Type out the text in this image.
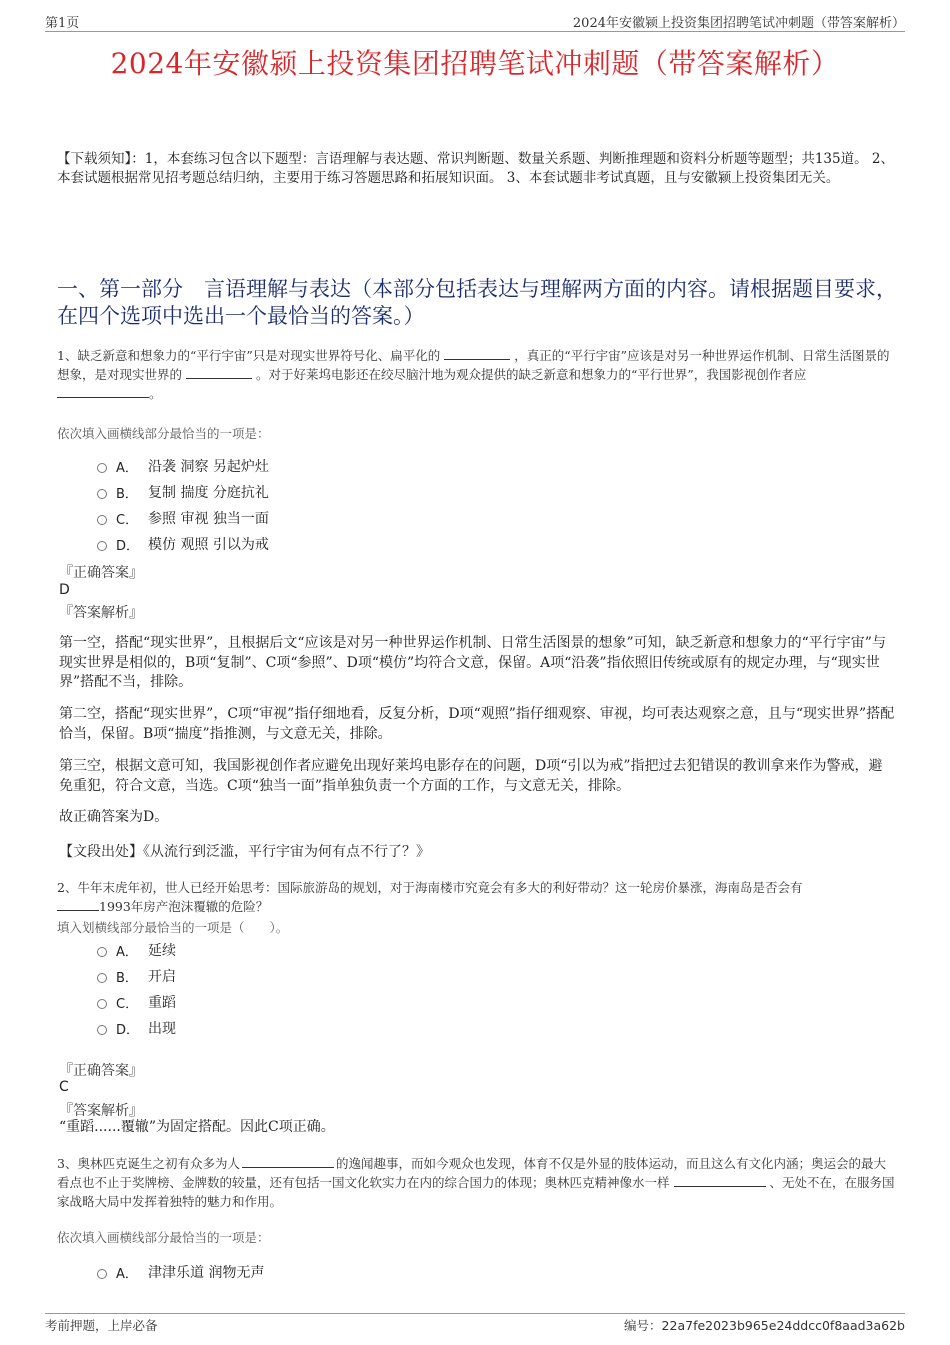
第1页	2024年安徽颍上投资集团招聘笔试冲刺题（带答案解析）
2024年安徽颍上投资集团招聘笔试冲刺题（带答案解析）
【下载须知】：1，本套练习包含以下题型：言语理解与表达题、常识判断题、数量关系题、判断推理题和资料分析题等题型；共135道。 2、本套试题根据常见招考题总结归纳，主要用于练习答题思路和拓展知识面。 3、本套试题非考试真题，且与安徽颍上投资集团无关。
一、第一部分　言语理解与表达（本部分包括表达与理解两方面的内容。请根据题目要求，在四个选项中选出一个最恰当的答案。）
1、缺乏新意和想象力的“平行宇宙”只是对现实世界符号化、扁平化的	，真正的“平行宇宙”应该是对另一种世界运作机制、日常生活图景的想象，是对现实世界的	。对于好莱坞电影还在绞尽脑汁地为观众提供的缺乏新意和想象力的“平行世界”，我国影视创作者应
。
依次填入画横线部分最恰当的一项是：
A． 沿袭 洞察 另起炉灶
B． 复制 揣度 分庭抗礼
C． 参照 审视 独当一面
D． 模仿 观照 引以为戒
『正确答案』
D
『答案解析』
第一空，搭配“现实世界”，且根据后文“应该是对另一种世界运作机制、日常生活图景的想象”可知，缺乏新意和想象力的“平行宇宙”与现实世界是相似的，B项“复制”、C项“参照”、D项“模仿”均符合文意，保留。A项“沿袭”指依照旧传统或原有的规定办理，与“现实世界”搭配不当，排除。
第二空，搭配“现实世界”，C项“审视”指仔细地看，反复分析，D项“观照”指仔细观察、审视，均可表达观察之意，且与“现实世界”搭配恰当，保留。B项“揣度”指推测，与文意无关，排除。
第三空，根据文意可知，我国影视创作者应避免出现好莱坞电影存在的问题，D项“引以为戒”指把过去犯错误的教训拿来作为警戒，避免重犯，符合文意，当选。C项“独当一面”指单独负责一个方面的工作，与文意无关，排除。
故正确答案为D。
【文段出处】《从流行到泛滥，平行宇宙为何有点不行了？》
2、牛年末虎年初，世人已经开始思考：国际旅游岛的规划，对于海南楼市究竟会有多大的利好带动？这一轮房价暴涨，海南岛是否会有
1993年房产泡沫覆辙的危险？
填入划横线部分最恰当的一项是（　　）。
A． 延续
B． 开启
C． 重蹈
D． 出现
『正确答案』
C
『答案解析』
“重蹈......覆辙”为固定搭配。因此C项正确。
3、奥林匹克诞生之初有众多为人	的逸闻趣事，而如今观众也发现，体育不仅是外显的肢体运动，而且这么有文化内涵；奥运会的最大看点也不止于奖牌榜、金牌数的较量，还有包括一国文化软实力在内的综合国力的体现；奥林匹克精神像水一样	、无处不在，在服务国家战略大局中发挥着独特的魅力和作用。
依次填入画横线部分最恰当的一项是：
A． 津津乐道 润物无声
考前押题，上岸必备	编号：22a7fe2023b965e24ddcc0f8aad3a62b
